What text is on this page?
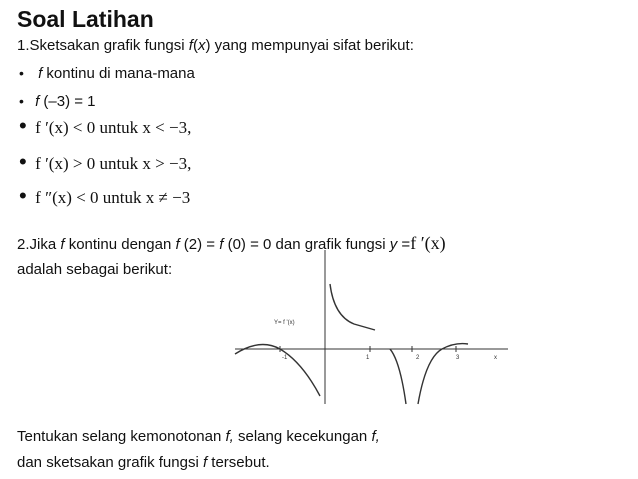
Soal Latihan
1.Sketsakan grafik fungsi f(x) yang mempunyai sifat berikut:
• f kontinu di mana-mana
• f (–3) = 1
• f ′(x) < 0 untuk x < −3,
• f ′(x) > 0 untuk x > −3,
• f ″(x) < 0 untuk x ≠ −3
2.Jika f kontinu dengan f (2) = f (0) = 0 dan grafik fungsi y =f ′(x)
adalah sebagai berikut:
Y= f '(x)
-1	1	2	3	x
Tentukan selang kemonotonan f, selang kecekungan f,
dan sketsakan grafik fungsi f tersebut.
